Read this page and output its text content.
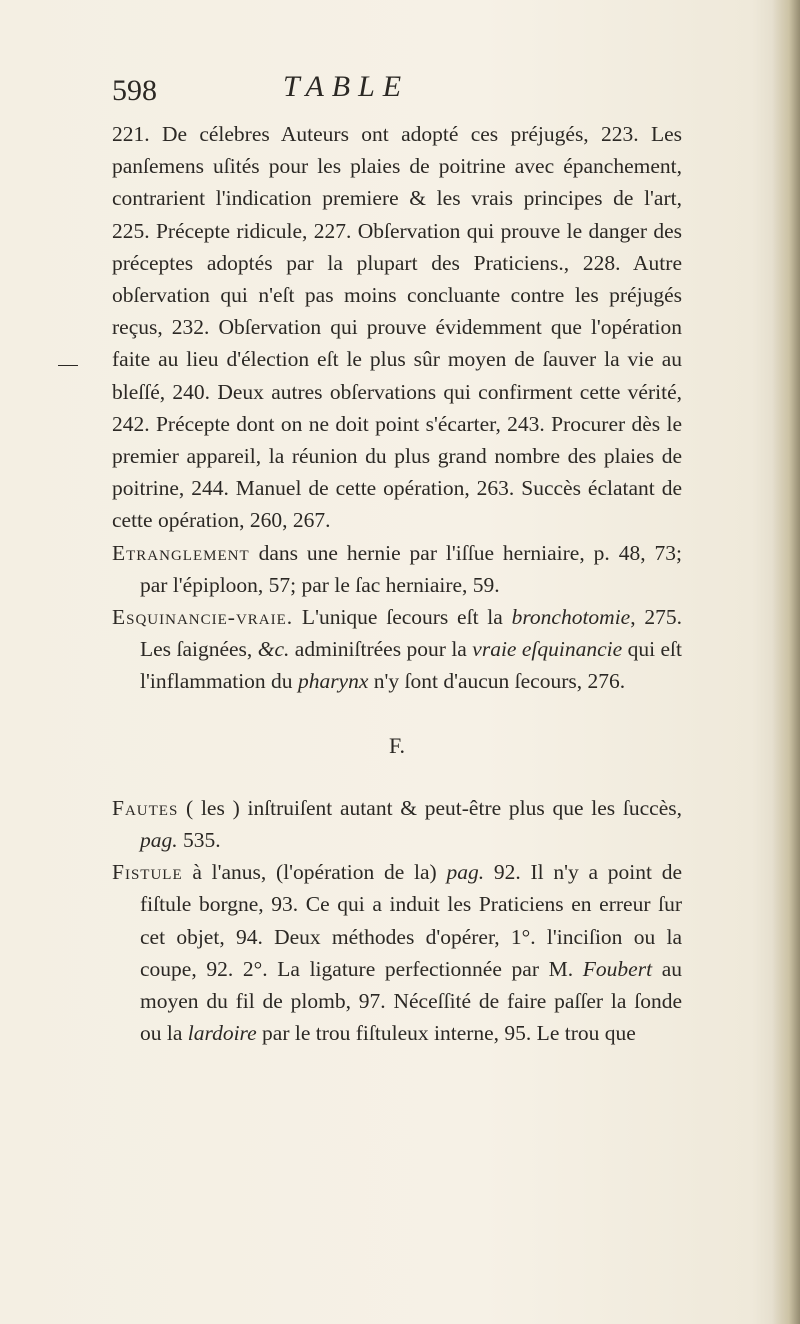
598	TABLE

221. De célebres Auteurs ont adopté ces préjugés, 223. Les panſemens uſités pour les plaies de poitrine avec épanchement, contrarient l'indication premiere & les vrais principes de l'art, 225. Précepte ridicule, 227. Obſervation qui prouve le danger des préceptes adoptés par la plupart des Praticiens., 228. Autre obſervation qui n'eſt pas moins concluante contre les préjugés reçus, 232. Obſervation qui prouve évidemment que l'opération faite au lieu d'élection eſt le plus sûr moyen de ſauver la vie au bleſſé, 240. Deux autres obſervations qui confirment cette vérité, 242. Précepte dont on ne doit point s'écarter, 243. Procurer dès le premier appareil, la réunion du plus grand nombre des plaies de poitrine, 244. Manuel de cette opération, 263. Succès éclatant de cette opération, 260, 267.

Etranglement dans une hernie par l'iſſue herniaire, p. 48, 73; par l'épiploon, 57; par le ſac herniaire, 59.

Esquinancie-vraie. L'unique ſecours eſt la bronchotomie, 275. Les ſaignées, &c. adminiſtrées pour la vraie eſquinancie qui eſt l'inflammation du pharynx n'y ſont d'aucun ſecours, 276.

F.

Fautes ( les ) inſtruiſent autant & peut-être plus que les ſuccès, pag. 535.

Fistule à l'anus, (l'opération de la) pag. 92. Il n'y a point de fiſtule borgne, 93. Ce qui a induit les Praticiens en erreur ſur cet objet, 94. Deux méthodes d'opérer, 1°. l'inciſion ou la coupe, 92. 2°. La ligature perfectionnée par M. Foubert au moyen du fil de plomb, 97. Néceſſité de faire paſſer la ſonde ou la lardoire par le trou fiſtuleux interne, 95. Le trou que
